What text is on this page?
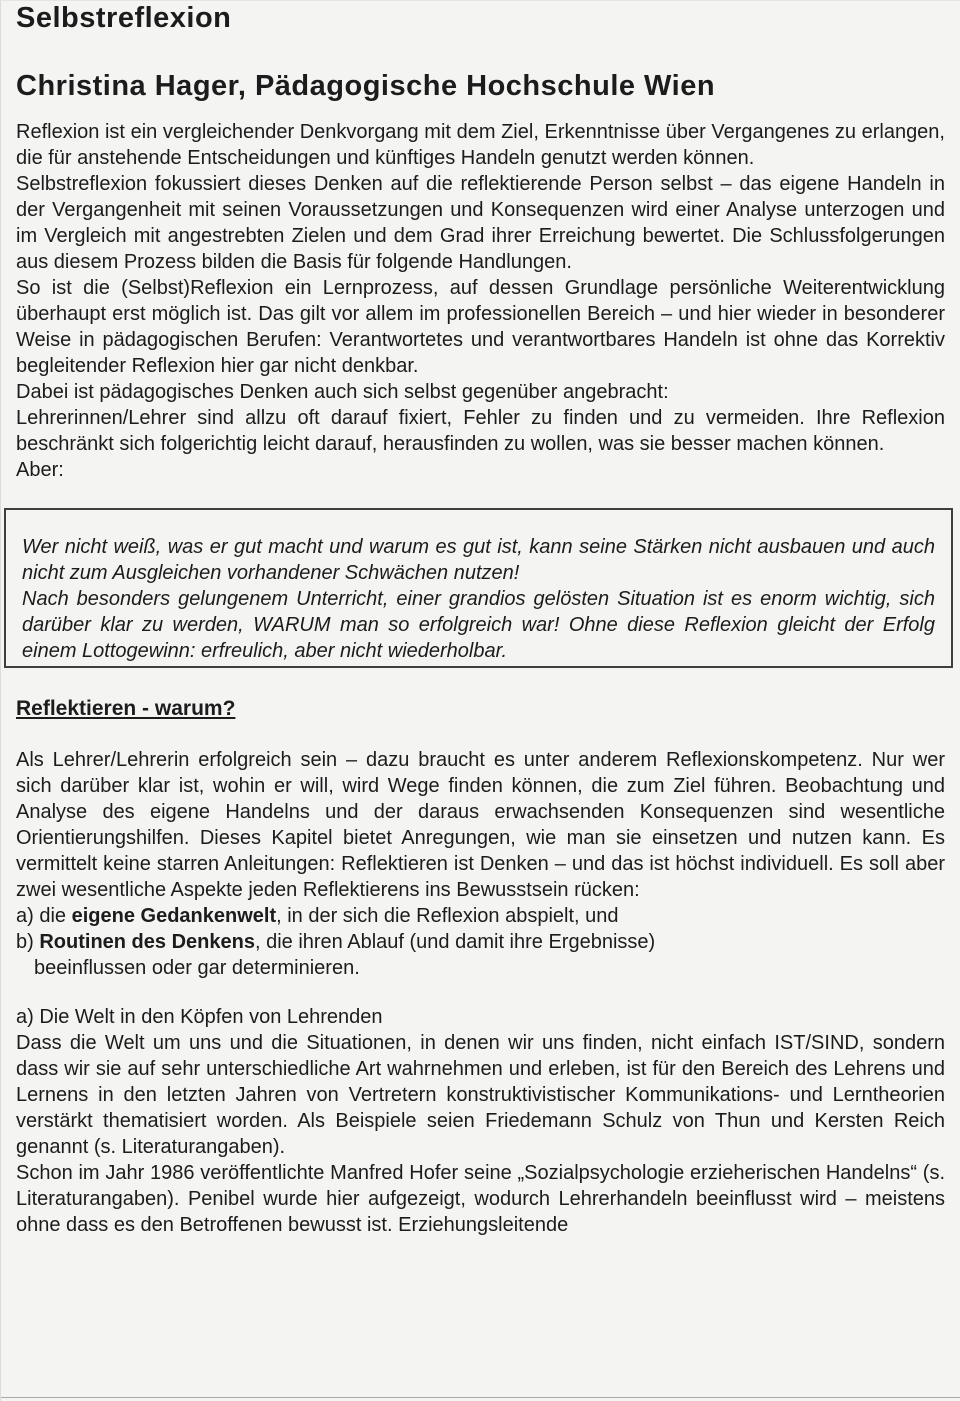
Selbstreflexion
Christina Hager, Pädagogische Hochschule Wien

Reflexion ist ein vergleichender Denkvorgang mit dem Ziel, Erkenntnisse über Vergangenes zu erlangen, die für anstehende Entscheidungen und künftiges Handeln genutzt werden können.

Selbstreflexion fokussiert dieses Denken auf die reflektierende Person selbst – das eigene Handeln in der Vergangenheit mit seinen Voraussetzungen und Konsequenzen wird einer Analyse unterzogen und im Vergleich mit angestrebten Zielen und dem Grad ihrer Erreichung bewertet. Die Schlussfolgerungen aus diesem Prozess bilden die Basis für folgende Handlungen.

So ist die (Selbst)Reflexion ein Lernprozess, auf dessen Grundlage persönliche Weiterentwicklung überhaupt erst möglich ist. Das gilt vor allem im professionellen Bereich – und hier wieder in besonderer Weise in pädagogischen Berufen: Verantwortetes und verantwortbares Handeln ist ohne das Korrektiv begleitender Reflexion hier gar nicht denkbar.

Dabei ist pädagogisches Denken auch sich selbst gegenüber angebracht:

Lehrerinnen/Lehrer sind allzu oft darauf fixiert, Fehler zu finden und zu vermeiden. Ihre Reflexion beschränkt sich folgerichtig leicht darauf, herausfinden zu wollen, was sie besser machen können.

Aber:

Wer nicht weiß, was er gut macht und warum es gut ist, kann seine Stärken nicht ausbauen und auch nicht zum Ausgleichen vorhandener Schwächen nutzen!

Nach besonders gelungenem Unterricht, einer grandios gelösten Situation ist es enorm wichtig, sich darüber klar zu werden, WARUM man so erfolgreich war! Ohne diese Reflexion gleicht der Erfolg einem Lottogewinn: erfreulich, aber nicht wiederholbar.

Reflektieren - warum?

Als Lehrer/Lehrerin erfolgreich sein – dazu braucht es unter anderem Reflexionskompetenz. Nur wer sich darüber klar ist, wohin er will, wird Wege finden können, die zum Ziel führen. Beobachtung und Analyse des eigene Handelns und der daraus erwachsenden Konsequenzen sind wesentliche Orientierungshilfen. Dieses Kapitel bietet Anregungen, wie man sie einsetzen und nutzen kann. Es vermittelt keine starren Anleitungen: Reflektieren ist Denken – und das ist höchst individuell. Es soll aber zwei wesentliche Aspekte jeden Reflektierens ins Bewusstsein rücken:

a) die eigene Gedankenwelt, in der sich die Reflexion abspielt, und

b) Routinen des Denkens, die ihren Ablauf (und damit ihre Ergebnisse)

beeinflussen oder gar determinieren.

a) Die Welt in den Köpfen von Lehrenden

Dass die Welt um uns und die Situationen, in denen wir uns finden, nicht einfach IST/SIND, sondern dass wir sie auf sehr unterschiedliche Art wahrnehmen und erleben, ist für den Bereich des Lehrens und Lernens in den letzten Jahren von Vertretern konstruktivistischer Kommunikations- und Lerntheorien verstärkt thematisiert worden. Als Beispiele seien Friedemann Schulz von Thun und Kersten Reich genannt (s. Literaturangaben).

Schon im Jahr 1986 veröffentlichte Manfred Hofer seine „Sozialpsychologie erzieherischen Handelns“ (s. Literaturangaben). Penibel wurde hier aufgezeigt, wodurch Lehrerhandeln beeinflusst wird – meistens ohne dass es den Betroffenen bewusst ist. Erziehungsleitende
